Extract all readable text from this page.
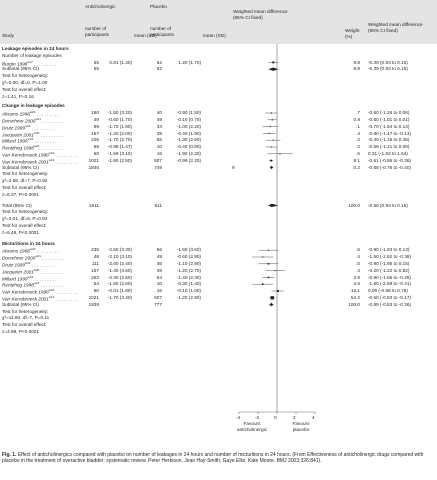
Anticholinergic	Placebo
Weighted mean difference (95% CI fixed)
Study
number of participants	mean (SD)
number of participants	mean (SD)
Weight (%)
Weighted mean difference (95% CI fixed)
Leakage episodes in 24 hours
Number of leakage episodes
Burgio $1998^{w17}$ . . . . . . . . .	65	0.81 (1.40)	62	1.20 (1.70)	9.8 -0.39 (0.93 to 0.15)
Subtotal (95% CI)	65	62	9.8 -0.39 (0.93 to 0.15)
Test for heterogeneity:
χ²=0.00, df=0, P=1.00
Test for overall effect:
z=1.41, P=0.16
Change in leakage episodes
Abrams $1998^{w20}$ . . . . . . . . .	180	-1.50 (3.20)	40	-0.90 (1.50)	.7 -0.60 (-1.26 to 0.06)
Dorschner $2000^{w21}$ . . . . . . . . .	49	-0.60 (1.70)	49	-0.10 (0.70)	0.9 -0.50 (-1.01 to 0.01)
Drutz $1999^{w22}$ . . . . . . . . .	99	-1.70 (1.90)	33	-1.00 (2.20)	.1 -0.70 (-1.54 to 0.14)
Jacquetin $2001^{w30}$ . . . . . . . . .	157	-1.20 (2.00)	39	-0.40 (1.90)	.4 -0.80 (-1.47 to -0.13)
Millard $1999^{w23}$ . . . . . . . . .	226	-1.70 (2.70)	55	-1.30 (2.50)	.2 -0.40 (-1.15 to 0.35)
Rentzhog $1998^{w24}$ . . . . . . . . .	65	-0.98 (1.47)	10	-0.40 (0.80)	.2 -0.58 (-1.21 to 0.05)
Van Kerrebroeck $1998^{w10}$ . . . . . . . . .	60	-1.59 (3.10)	16	-1.90 (2.20)	.6 0.31 (-1.02 to 1.64)
Van Kerrebroeck $2001^{w13}$ . . . . . . . . .	1021	-1.60 (2.50)	507	-0.99 (2.20)	8.1 -0.61 (-0.86 to -0.36)
Subtotal (95% CI)	1846	749	0.2 -0.58 (-0.76 to -0.40)
9
Test for heterogeneity:
χ²=2.58, df=7, P=0.92
Test for overall effect:
z=6.37, P<0.0001
Total (95% CI)	1911	811	100.0 -0.56 (0.93 to 0.15)
Test for heterogeneity:
χ²=3.01, df=8, P=0.93
Test for overall effect:
z=6.49, P<0.0001
Micturitions in 24 hours
Abrams $1998^{w20}$ . . . . . . . . .	235	-2.50 (3.30)	56	-1.60 (3.60)	.6 -0.90 (-1.93 to 0.13)
Dorschner $2000^{w21}$ . . . . . . . . .	49	-2.10 (3.10)	49	-0.60 (2.50)	.4 -1.50 (-2.62 to -0.38)
Drutz $1999^{w22}$ . . . . . . . . .	111	-2.00 (2.40)	36	-1.10 (2.90)	.0 -0.90 (-1.95 to 0.15)
Jacquetin $2001^{w30}$ . . . . . . . . .	157	-1.40 (3.60)	39	-1.20 (2.70)	.3 -0.20 (-1.22 to 0.82)
Millard $1999^{w23}$ . . . . . . . . .	252	-2.30 (2.60)	64	-1.40 (2.30)	2.9 -0.90 (-1.55 to -0.25)
Rentzhog $1998^{w24}$ . . . . . . . . .	54	-1.80 (2.50)	10	-0.30 (1.40)	4.5 -1.50 (-2.59 to -0.41)
Van Kerrebroeck $1998^{w10}$ . . . . . . . . .	60	-0.01 (1.80)	16	-0.10 (1.00)	12.1 0.09 (-0.58 to 0.76)
Van Kerrebroeck $2001^{w13}$ . . . . . . . . .	1021	-1.70 (3.40)	507	-1.20 (2.90)	54.2 -0.50 (-0.83 to -0.17)
Subtotal (95% CI)	1939	777	100.0 -0.59 (-0.83 to -0.36)
Test for heterogeneity:
χ²=11.60, df=7, P=0.11
Test for overall effect:
z=4.99, P<0.0001
-4	-2	0	2	4
Favours anticholinergic
Favours placebo
Fig. 1. Effect of anticholinergics compared with placebo on number of leakages in 24 hours and number of micturitions in 24 hours. (From Effectiveness of anticholinergic drugs compared with placebo in the treatment of overactive bladder: systematic review. Peter Herbison, Jean Hay-Smith, Gaye Ellis, Kate Moore. BMJ 2003;326:841).
